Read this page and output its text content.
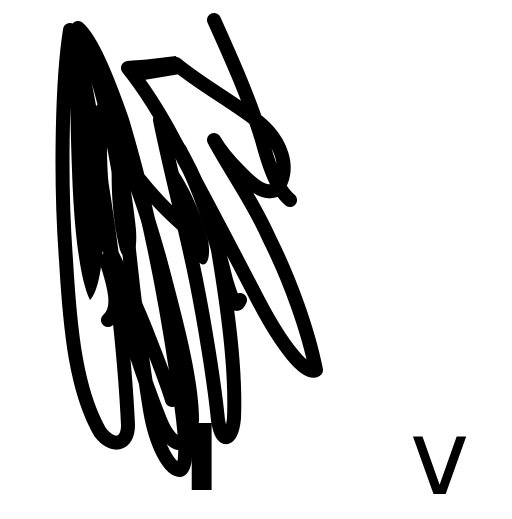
I v
